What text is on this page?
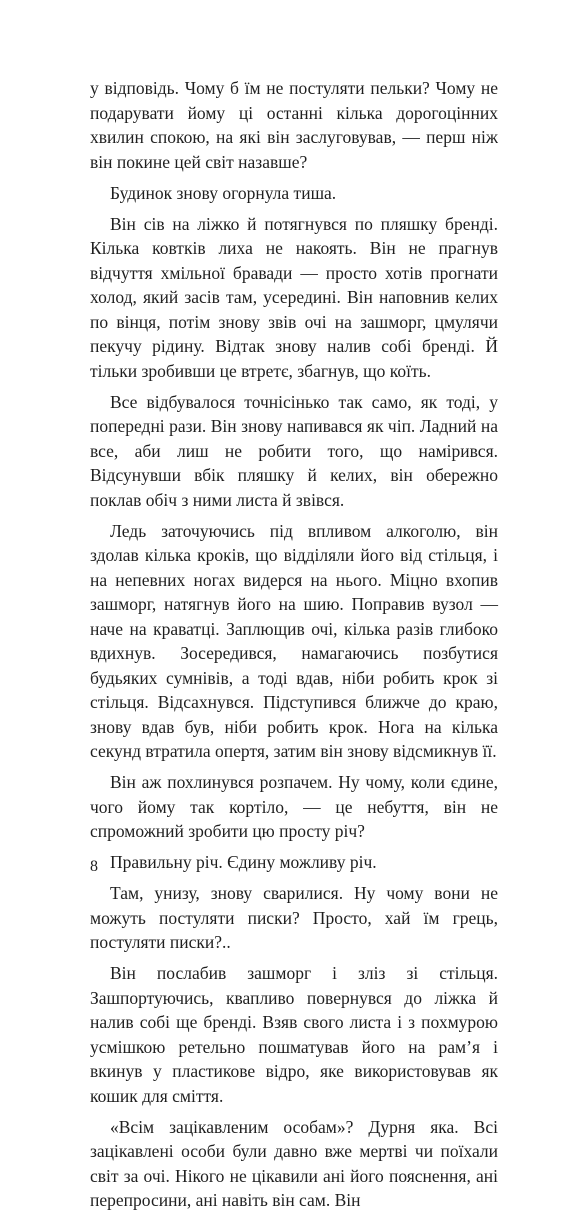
у відповідь. Чому б їм не постуляти пельки? Чому не подарувати йому ці останні кілька дорогоцінних хвилин спокою, на які він заслуговував, — перш ніж він покине цей світ назавше?

Будинок знову огорнула тиша.

Він сів на ліжко й потягнувся по пляшку бренді. Кілька ковтків лиха не накоять. Він не прагнув відчуття хмільної бравади — просто хотів прогнати холод, який засів там, усередині. Він наповнив келих по вінця, потім знову звів очі на зашморг, цмулячи пекучу рідину. Відтак знову налив собі бренді. Й тільки зробивши це втретє, збагнув, що коїть.

Все відбувалося точнісінько так само, як тоді, у попередні рази. Він знову напивався як чіп. Ладний на все, аби лиш не робити того, що намірився. Відсунувши вбік пляшку й келих, він обережно поклав обіч з ними листа й звівся.

Ледь заточуючись під впливом алкоголю, він здолав кілька кроків, що відділяли його від стільця, і на непевних ногах видерся на нього. Міцно вхопив зашморг, натягнув його на шию. Поправив вузол — наче на краватці. Заплющив очі, кілька разів глибоко вдихнув. Зосередився, намагаючись позбутися будьяких сумнівів, а тоді вдав, ніби робить крок зі стільця. Відсахнувся. Підступився ближче до краю, знову вдав був, ніби робить крок. Нога на кілька секунд втратила опертя, затим він знову відсмикнув її.

Він аж похлинувся розпачем. Ну чому, коли єдине, чого йому так кортіло, — це небуття, він не спроможний зробити цю просту річ?

Правильну річ. Єдину можливу річ.

Там, унизу, знову сварилися. Ну чому вони не можуть постуляти писки? Просто, хай їм грець, постуляти писки?..

Він послабив зашморг і зліз зі стільця. Зашпортуючись, квапливо повернувся до ліжка й налив собі ще бренді. Взяв свого листа і з похмурою усмішкою ретельно пошматував його на рам’я і вкинув у пластикове відро, яке використовував як кошик для сміття.

«Всім зацікавленим особам»? Дурня яка. Всі зацікавлені особи були давно вже мертві чи поїхали світ за очі. Нікого не цікавили ані його пояснення, ані перепросини, ані навіть він сам. Він

8
